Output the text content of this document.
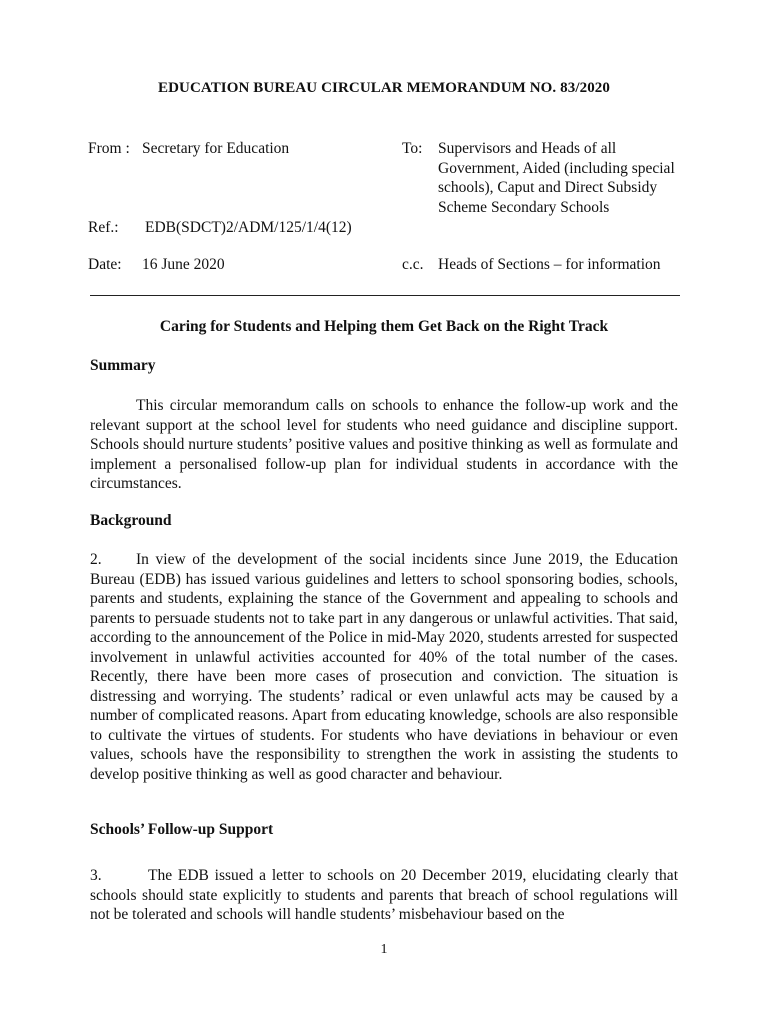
EDUCATION BUREAU CIRCULAR MEMORANDUM NO. 83/2020
From : Secretary for Education	To: Supervisors and Heads of all
Government, Aided (including special
schools), Caput and Direct Subsidy
Scheme Secondary Schools
Ref.: EDB(SDCT)2/ADM/125/1/4(12)
Date: 16 June 2020	c.c. Heads of Sections – for information
Caring for Students and Helping them Get Back on the Right Track
Summary
This circular memorandum calls on schools to enhance the follow-up work and the relevant support at the school level for students who need guidance and discipline support. Schools should nurture students’ positive values and positive thinking as well as formulate and implement a personalised follow-up plan for individual students in accordance with the circumstances.
Background
2. In view of the development of the social incidents since June 2019, the Education Bureau (EDB) has issued various guidelines and letters to school sponsoring bodies, schools, parents and students, explaining the stance of the Government and appealing to schools and parents to persuade students not to take part in any dangerous or unlawful activities. That said, according to the announcement of the Police in mid-May 2020, students arrested for suspected involvement in unlawful activities accounted for 40% of the total number of the cases. Recently, there have been more cases of prosecution and conviction. The situation is distressing and worrying. The students’ radical or even unlawful acts may be caused by a number of complicated reasons. Apart from educating knowledge, schools are also responsible to cultivate the virtues of students. For students who have deviations in behaviour or even values, schools have the responsibility to strengthen the work in assisting the students to develop positive thinking as well as good character and behaviour.
Schools’ Follow-up Support
3.	The EDB issued a letter to schools on 20 December 2019, elucidating clearly that schools should state explicitly to students and parents that breach of school regulations will not be tolerated and schools will handle students’ misbehaviour based on the
1
